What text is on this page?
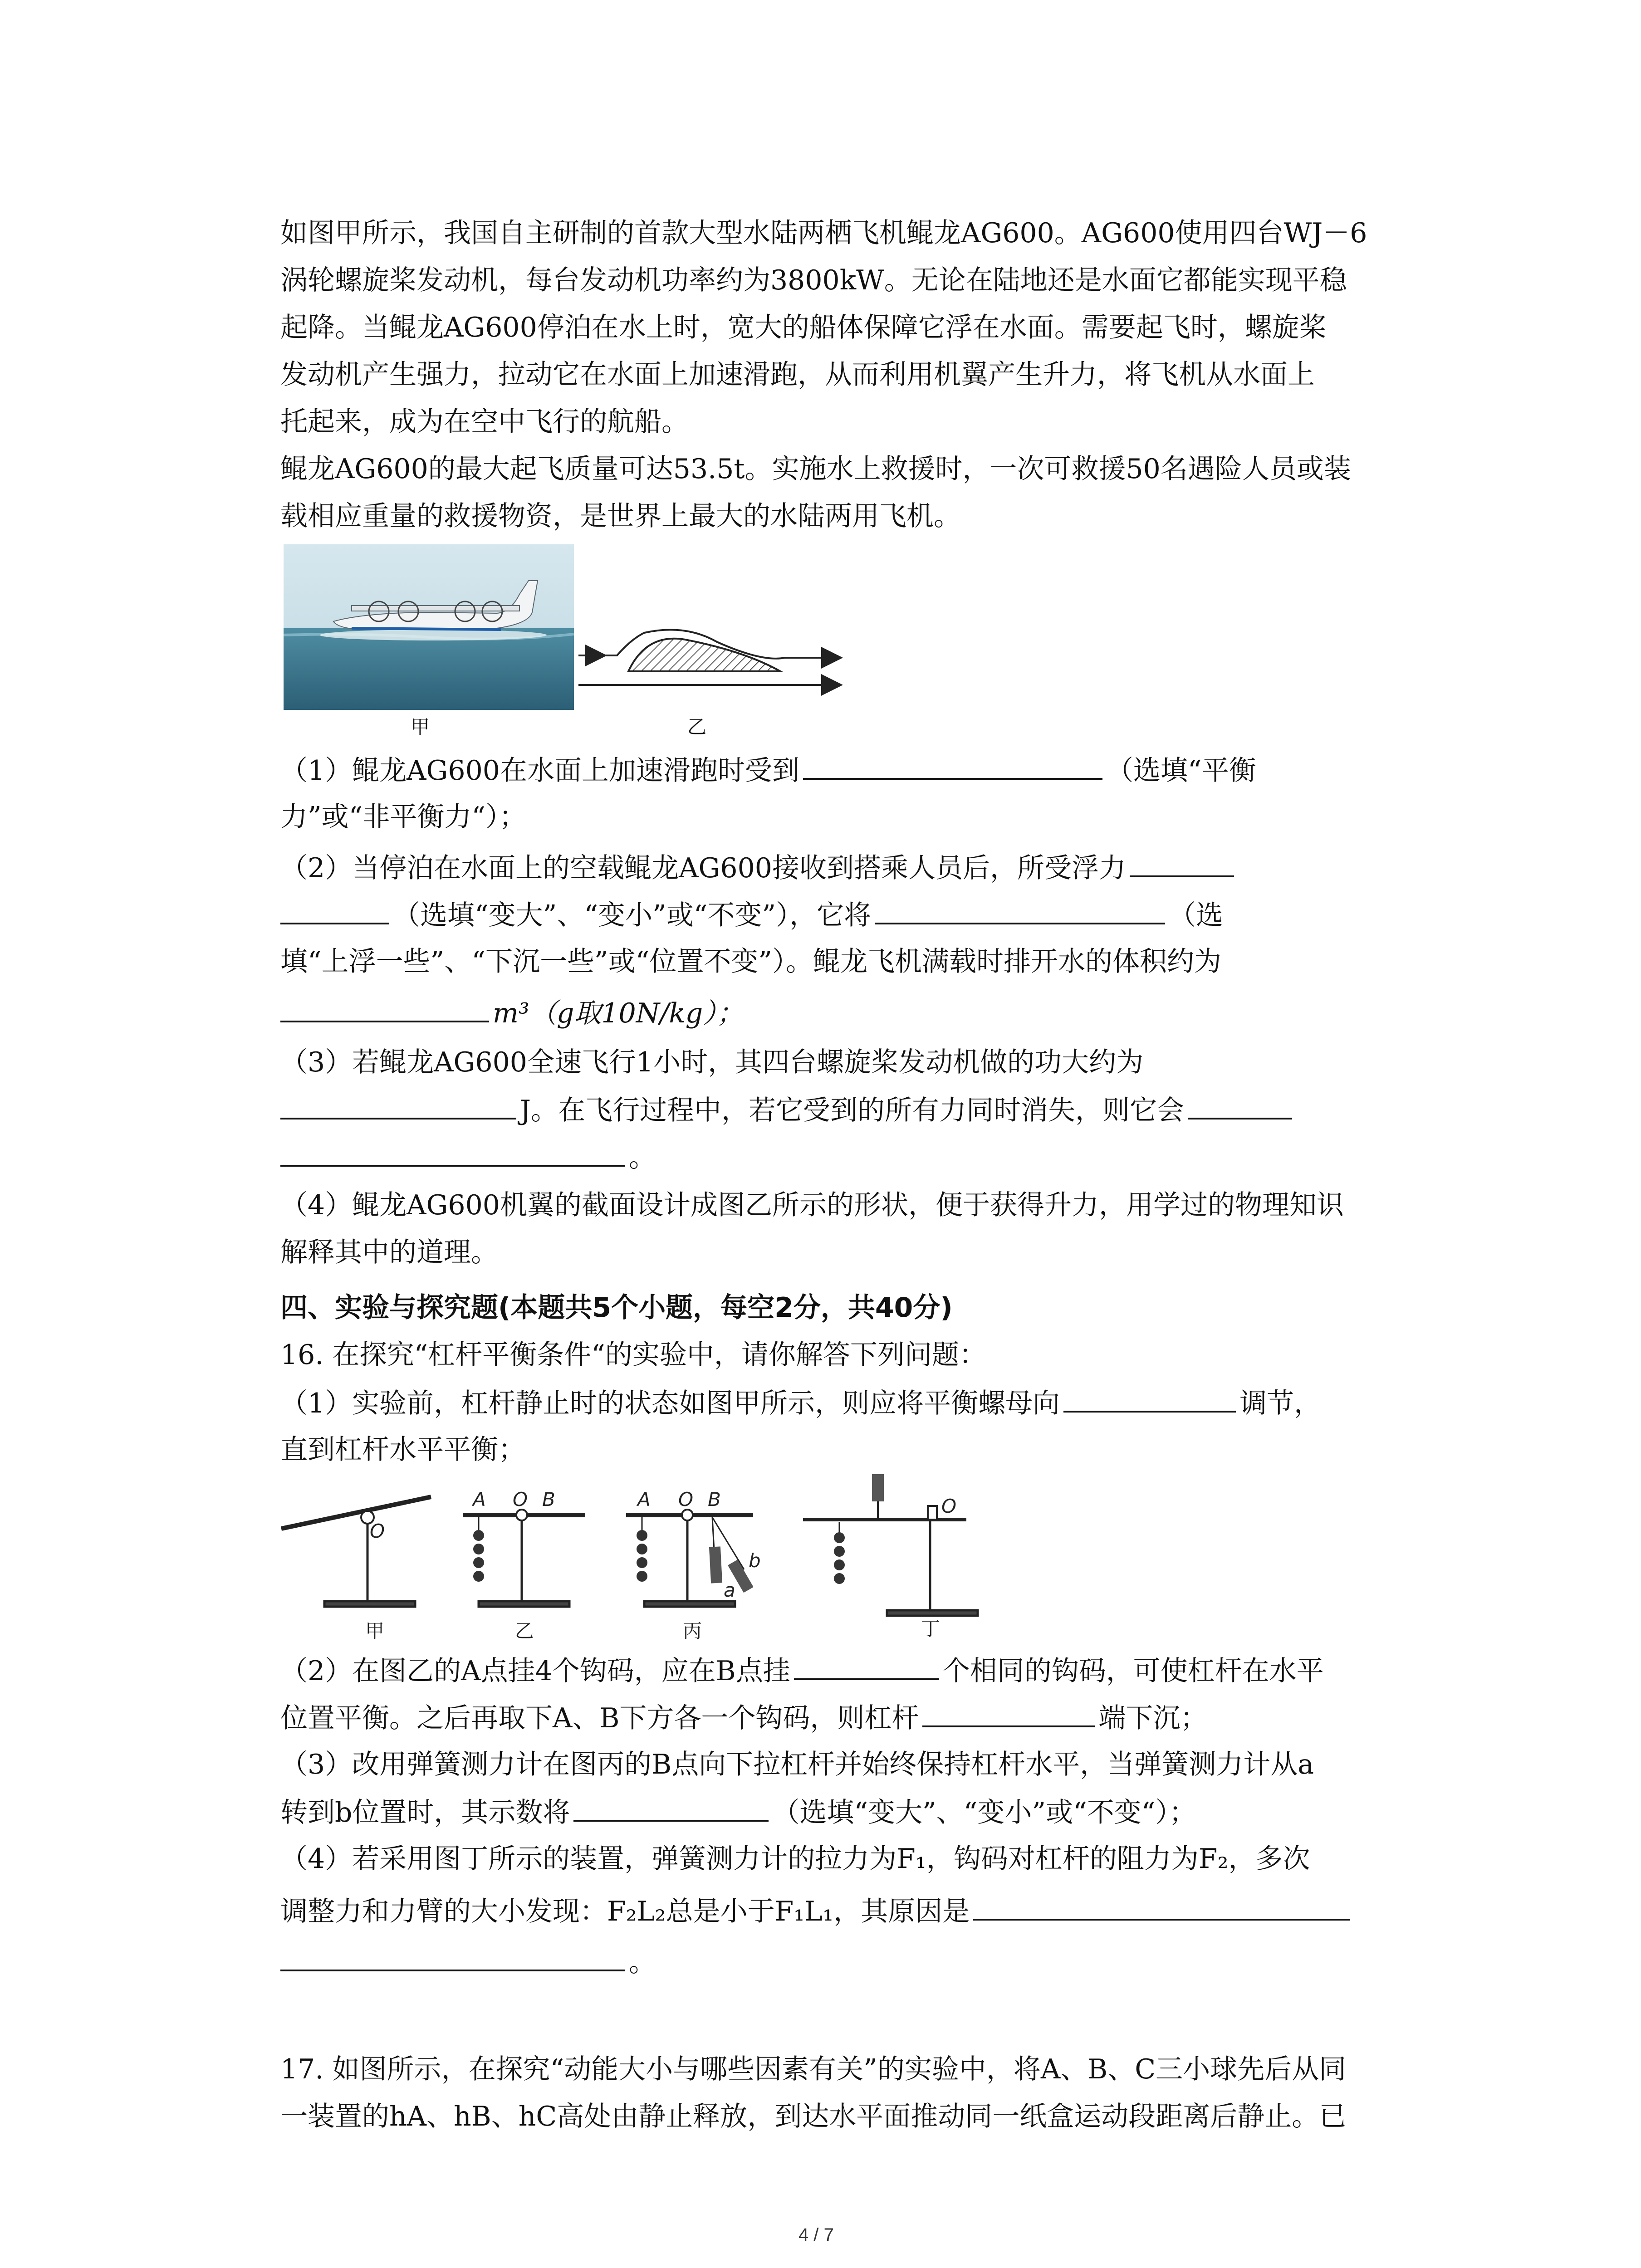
如图甲所示，我国自主研制的首款大型水陆两栖飞机鲲龙AG600。AG600使用四台WJ－6
涡轮螺旋桨发动机，每台发动机功率约为3800kW。无论在陆地还是水面它都能实现平稳
起降。当鲲龙AG600停泊在水上时，宽大的船体保障它浮在水面。需要起飞时，螺旋桨
发动机产生强力，拉动它在水面上加速滑跑，从而利用机翼产生升力，将飞机从水面上
托起来，成为在空中飞行的航船。
鲲龙AG600的最大起飞质量可达53.5t。实施水上救援时，一次可救援50名遇险人员或装
载相应重量的救援物资，是世界上最大的水陆两用飞机。
甲	乙
（1）鲲龙AG600在水面上加速滑跑时受到	（选填“平衡
力”或“非平衡力“）；
（2）当停泊在水面上的空载鲲龙AG600接收到搭乘人员后，所受浮力
（选填“变大”、“变小”或“不变”），它将	（选
填“上浮一些”、“下沉一些”或“位置不变”）。鲲龙飞机满载时排开水的体积约为
m³（g取10N/kg）；
（3）若鲲龙AG600全速飞行1小时，其四台螺旋桨发动机做的功大约为
J。在飞行过程中，若它受到的所有力同时消失，则它会
。
（4）鲲龙AG600机翼的截面设计成图乙所示的形状，便于获得升力，用学过的物理知识
解释其中的道理。
四、实验与探究题(本题共5个小题，每空2分，共40分)
16. 在探究“杠杆平衡条件“的实验中，请你解答下列问题：
（1）实验前，杠杆静止时的状态如图甲所示，则应将平衡螺母向	调节，
直到杠杆水平平衡；
O
A O B	A O B
a
b
O
甲	乙	丙	丁
（2）在图乙的A点挂4个钩码，应在B点挂	个相同的钩码，可使杠杆在水平
位置平衡。之后再取下A、B下方各一个钩码，则杠杆	端下沉；
（3）改用弹簧测力计在图丙的B点向下拉杠杆并始终保持杠杆水平，当弹簧测力计从a
转到b位置时，其示数将	（选填“变大”、“变小”或“不变“）；
（4）若采用图丁所示的装置，弹簧测力计的拉力为F₁，钩码对杠杆的阻力为F₂，多次
调整力和力臂的大小发现：F₂L₂总是小于F₁L₁，其原因是
。
17. 如图所示，在探究“动能大小与哪些因素有关”的实验中，将A、B、C三小球先后从同
一装置的hA、hB、hC高处由静止释放，到达水平面推动同一纸盒运动段距离后静止。已
4 / 7
